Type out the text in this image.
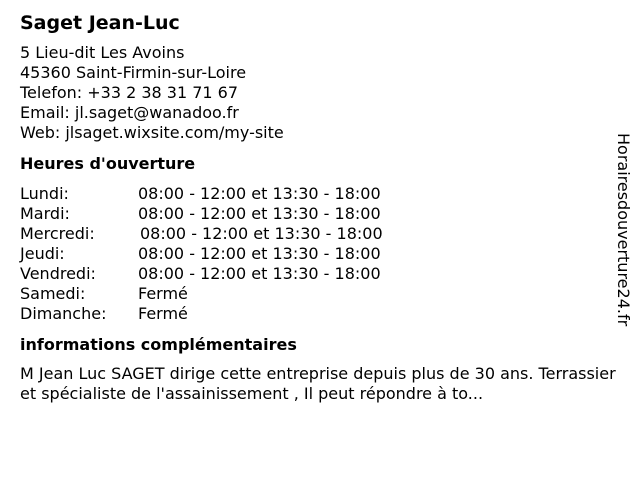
Saget Jean-Luc
5 Lieu-dit Les Avoins
45360 Saint-Firmin-sur-Loire
Telefon: +33 2 38 31 71 67
Email: jl.saget@wanadoo.fr
Web: jlsaget.wixsite.com/my-site
Heures d'ouverture
Lundi:	08:00 - 12:00 et 13:30 - 18:00
Mardi:	08:00 - 12:00 et 13:30 - 18:00
Mercredi:	08:00 - 12:00 et 13:30 - 18:00
Jeudi:	08:00 - 12:00 et 13:30 - 18:00
Vendredi:	08:00 - 12:00 et 13:30 - 18:00
Samedi:	Fermé
Dimanche:	Fermé
informations complémentaires
M Jean Luc SAGET dirige cette entreprise depuis plus de 30 ans. Terrassier et spécialiste de l'assainissement , Il peut répondre à to...
Horairesdouverture24.fr
